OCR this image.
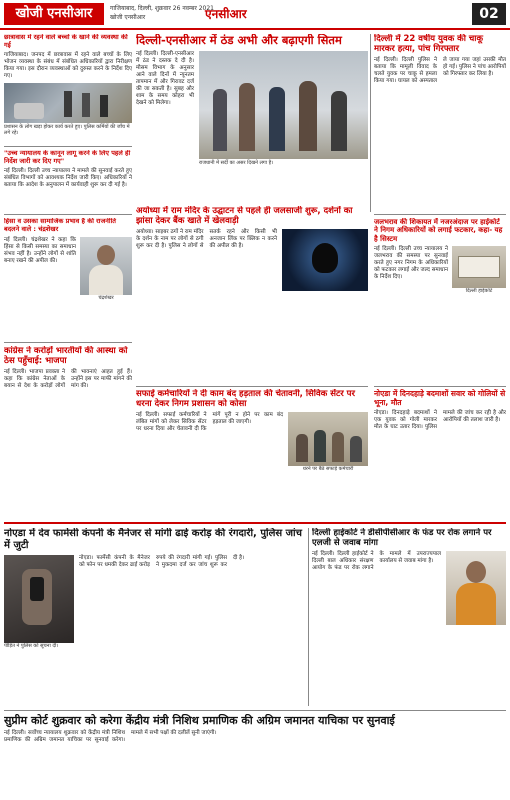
खोजी एनसीआर	गाजियाबाद, दिल्ली, शुक्रवार 26 नवम्बर 2021
खोजी एनसीआर	एनसीआर	02
छात्रावास में रहने वाले बच्चों के खाने की व्यवस्था की गई
गाजियाबाद। जनपद में छात्रावास में रहने वाले बच्चों के लिए भोजन व्यवस्था के संबंध में संबंधित अधिकारियों द्वारा निरीक्षण किया गया। इस दौरान व्यवस्थाओं को दुरुस्त करने के निर्देश दिए गए।
प्रशासन के लोग खड़ा होकर कार्य करते हुए। पुलिस कर्मियों की जाँच में लगे रहे।
"उच्च न्यायालय के कानून लागू करने के लिए पहले ही निर्देश जारी कर दिए गए"
नई दिल्ली। दिल्ली उच्च न्यायालय ने मामले की सुनवाई करते हुए संबंधित विभागों को आवश्यक निर्देश जारी किए। अधिकारियों ने बताया कि आदेश के अनुपालन में कार्यवाही शुरू कर दी गई है।
हिंसा व उसका सामाजिक प्रभाव है की राजनीति बदलने वाले : चंद्रशेखर
नई दिल्ली। चंद्रशेखर ने कहा कि हिंसा से किसी समस्या का समाधान संभव नहीं है। उन्होंने लोगों से शांति बनाए रखने की अपील की।
चंद्रशेखर
कांग्रेस ने करोड़ों भारतीयों की आस्था को ठेस पहुँचाई: भाजपा
नई दिल्ली। भाजपा प्रवक्ता ने कहा कि कांग्रेस नेताओं के बयान से देश के करोड़ों लोगों की भावनाएं आहत हुई हैं। उन्होंने इस पर माफी मांगने की मांग की।
दिल्ली-एनसीआर में ठंड अभी और बढ़ाएगी सितम
नई दिल्ली। दिल्ली-एनसीआर में ठंड ने दस्तक दे दी है। मौसम विभाग के अनुसार आने वाले दिनों में न्यूनतम तापमान में और गिरावट दर्ज की जा सकती है। सुबह और शाम के समय कोहरा भी देखने को मिलेगा।
राजधानी में सर्दी का असर दिखने लगा है।
दिल्ली में 22 वर्षीय युवक की चाकू मारकर हत्या, पांच गिरफ्तार
नई दिल्ली। दिल्ली पुलिस ने बताया कि मामूली विवाद के चलते युवक पर चाकू से हमला किया गया। घायल को अस्पताल ले जाया गया जहां उसकी मौत हो गई। पुलिस ने पांच आरोपियों को गिरफ्तार कर लिया है।
अयोध्या में राम मंदिर के उद्घाटन से पहले ही जलसाजी शुरू, दर्शनों का झांसा देकर बैंक खाते में खेलवाड़ी
अयोध्या। साइबर ठगों ने राम मंदिर के दर्शन के नाम पर लोगों से ठगी शुरू कर दी है। पुलिस ने लोगों से सतर्क रहने और किसी भी अनजान लिंक पर क्लिक न करने की अपील की है।
जलभराव की शिकायत में नजरअंदाज पर हाईकोर्ट ने निगम अधिकारियों को लगाई फटकार, कहा- यह है सिस्टम
नई दिल्ली। दिल्ली उच्च न्यायालय ने जलभराव की समस्या पर सुनवाई करते हुए नगर निगम के अधिकारियों को फटकार लगाई और जल्द समाधान के निर्देश दिए।
दिल्ली हाईकोर्ट
सफाई कर्मचारियों ने दी काम बंद हड़ताल की चेतावनी, सिविक सेंटर पर धरना देकर निगम प्रशासन को कोसा
नई दिल्ली। सफाई कर्मचारियों ने लंबित मांगों को लेकर सिविक सेंटर पर धरना दिया और चेतावनी दी कि मांगें पूरी न होने पर काम बंद हड़ताल की जाएगी।
धरने पर बैठे सफाई कर्मचारी
नोएडा में दिनदहाड़े बदमाशों सवार को गोलियों से भूना, मौत
नोएडा। दिनदहाड़े बदमाशों ने एक युवक को गोली मारकर मौत के घाट उतार दिया। पुलिस मामले की जांच कर रही है और आरोपियों की तलाश जारी है।
नोएडा में देव फार्मेसी कंपनी के मैनेजर से मांगी ढाई करोड़ की रंगदारी, पुलिस जांच में जुटी
पीड़ित ने पुलिस को सूचना दी।
नोएडा। फार्मेसी कंपनी के मैनेजर को फोन पर धमकी देकर ढाई करोड़ रुपये की रंगदारी मांगी गई। पुलिस ने मुकदमा दर्ज कर जांच शुरू कर दी है।
दिल्ली हाईकोर्ट ने डीसीपीसीआर के फंड पर रोक लगाने पर एलजी से जवाब मांगा
नई दिल्ली। दिल्ली हाईकोर्ट ने दिल्ली बाल अधिकार संरक्षण आयोग के फंड पर रोक लगाने के मामले में उपराज्यपाल कार्यालय से जवाब मांगा है।
सुप्रीम कोर्ट शुक्रवार को करेगा केंद्रीय मंत्री निशिथ प्रमाणिक की अग्रिम जमानत याचिका पर सुनवाई
नई दिल्ली। सर्वोच्च न्यायालय शुक्रवार को केंद्रीय मंत्री निशिथ प्रमाणिक की अग्रिम जमानत याचिका पर सुनवाई करेगा। मामले में सभी पक्षों की दलीलें सुनी जाएंगी।
